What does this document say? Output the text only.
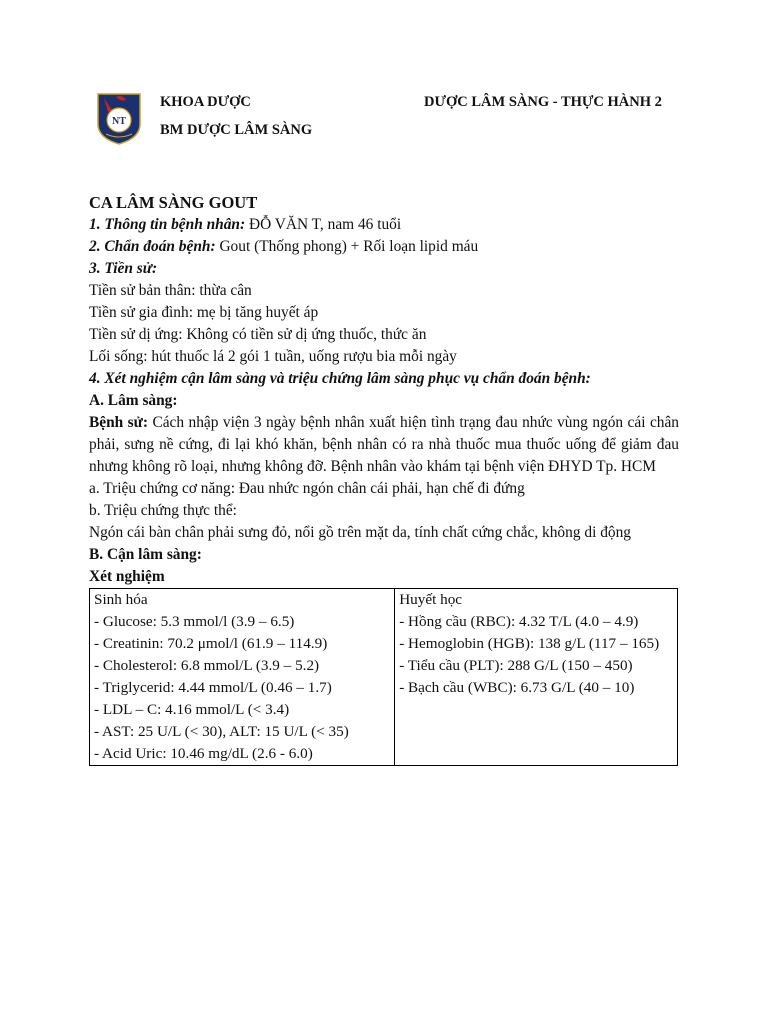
NT
KHOA DƯỢC
BM DƯỢC LÂM SÀNG
DƯỢC LÂM SÀNG - THỰC HÀNH 2
CA LÂM SÀNG GOUT
1. Thông tin bệnh nhân: ĐỖ VĂN T, nam 46 tuổi
2. Chẩn đoán bệnh: Gout (Thống phong) + Rối loạn lipid máu
3. Tiền sử:
Tiền sử bản thân: thừa cân
Tiền sử gia đình: mẹ bị tăng huyết áp
Tiền sử dị ứng: Không có tiền sử dị ứng thuốc, thức ăn
Lối sống: hút thuốc lá 2 gói 1 tuần, uống rượu bia mỗi ngày
4. Xét nghiệm cận lâm sàng và triệu chứng lâm sàng phục vụ chẩn đoán bệnh:
A. Lâm sàng:
Bệnh sử: Cách nhập viện 3 ngày bệnh nhân xuất hiện tình trạng đau nhức vùng ngón cái chân phải, sưng nề cứng, đi lại khó khăn, bệnh nhân có ra nhà thuốc mua thuốc uống để giảm đau nhưng không rõ loại, nhưng không đỡ. Bệnh nhân vào khám tại bệnh viện ĐHYD Tp. HCM
a. Triệu chứng cơ năng: Đau nhức ngón chân cái phải, hạn chế đi đứng
b. Triệu chứng thực thể:
Ngón cái bàn chân phải sưng đỏ, nổi gồ trên mặt da, tính chất cứng chắc, không di động
B. Cận lâm sàng:
Xét nghiệm
Sinh hóa
- Glucose: 5.3 mmol/l (3.9 – 6.5)
- Creatinin: 70.2 μmol/l (61.9 – 114.9)
- Cholesterol: 6.8 mmol/L (3.9 – 5.2)
- Triglycerid: 4.44 mmol/L (0.46 – 1.7)
- LDL – C: 4.16 mmol/L (< 3.4)
- AST: 25 U/L (< 30), ALT: 15 U/L (< 35)
- Acid Uric: 10.46 mg/dL (2.6 - 6.0)

Huyết học
- Hồng cầu (RBC): 4.32 T/L (4.0 – 4.9)
- Hemoglobin (HGB): 138 g/L (117 – 165)
- Tiểu cầu (PLT): 288 G/L (150 – 450)
- Bạch cầu (WBC): 6.73 G/L (40 – 10)
